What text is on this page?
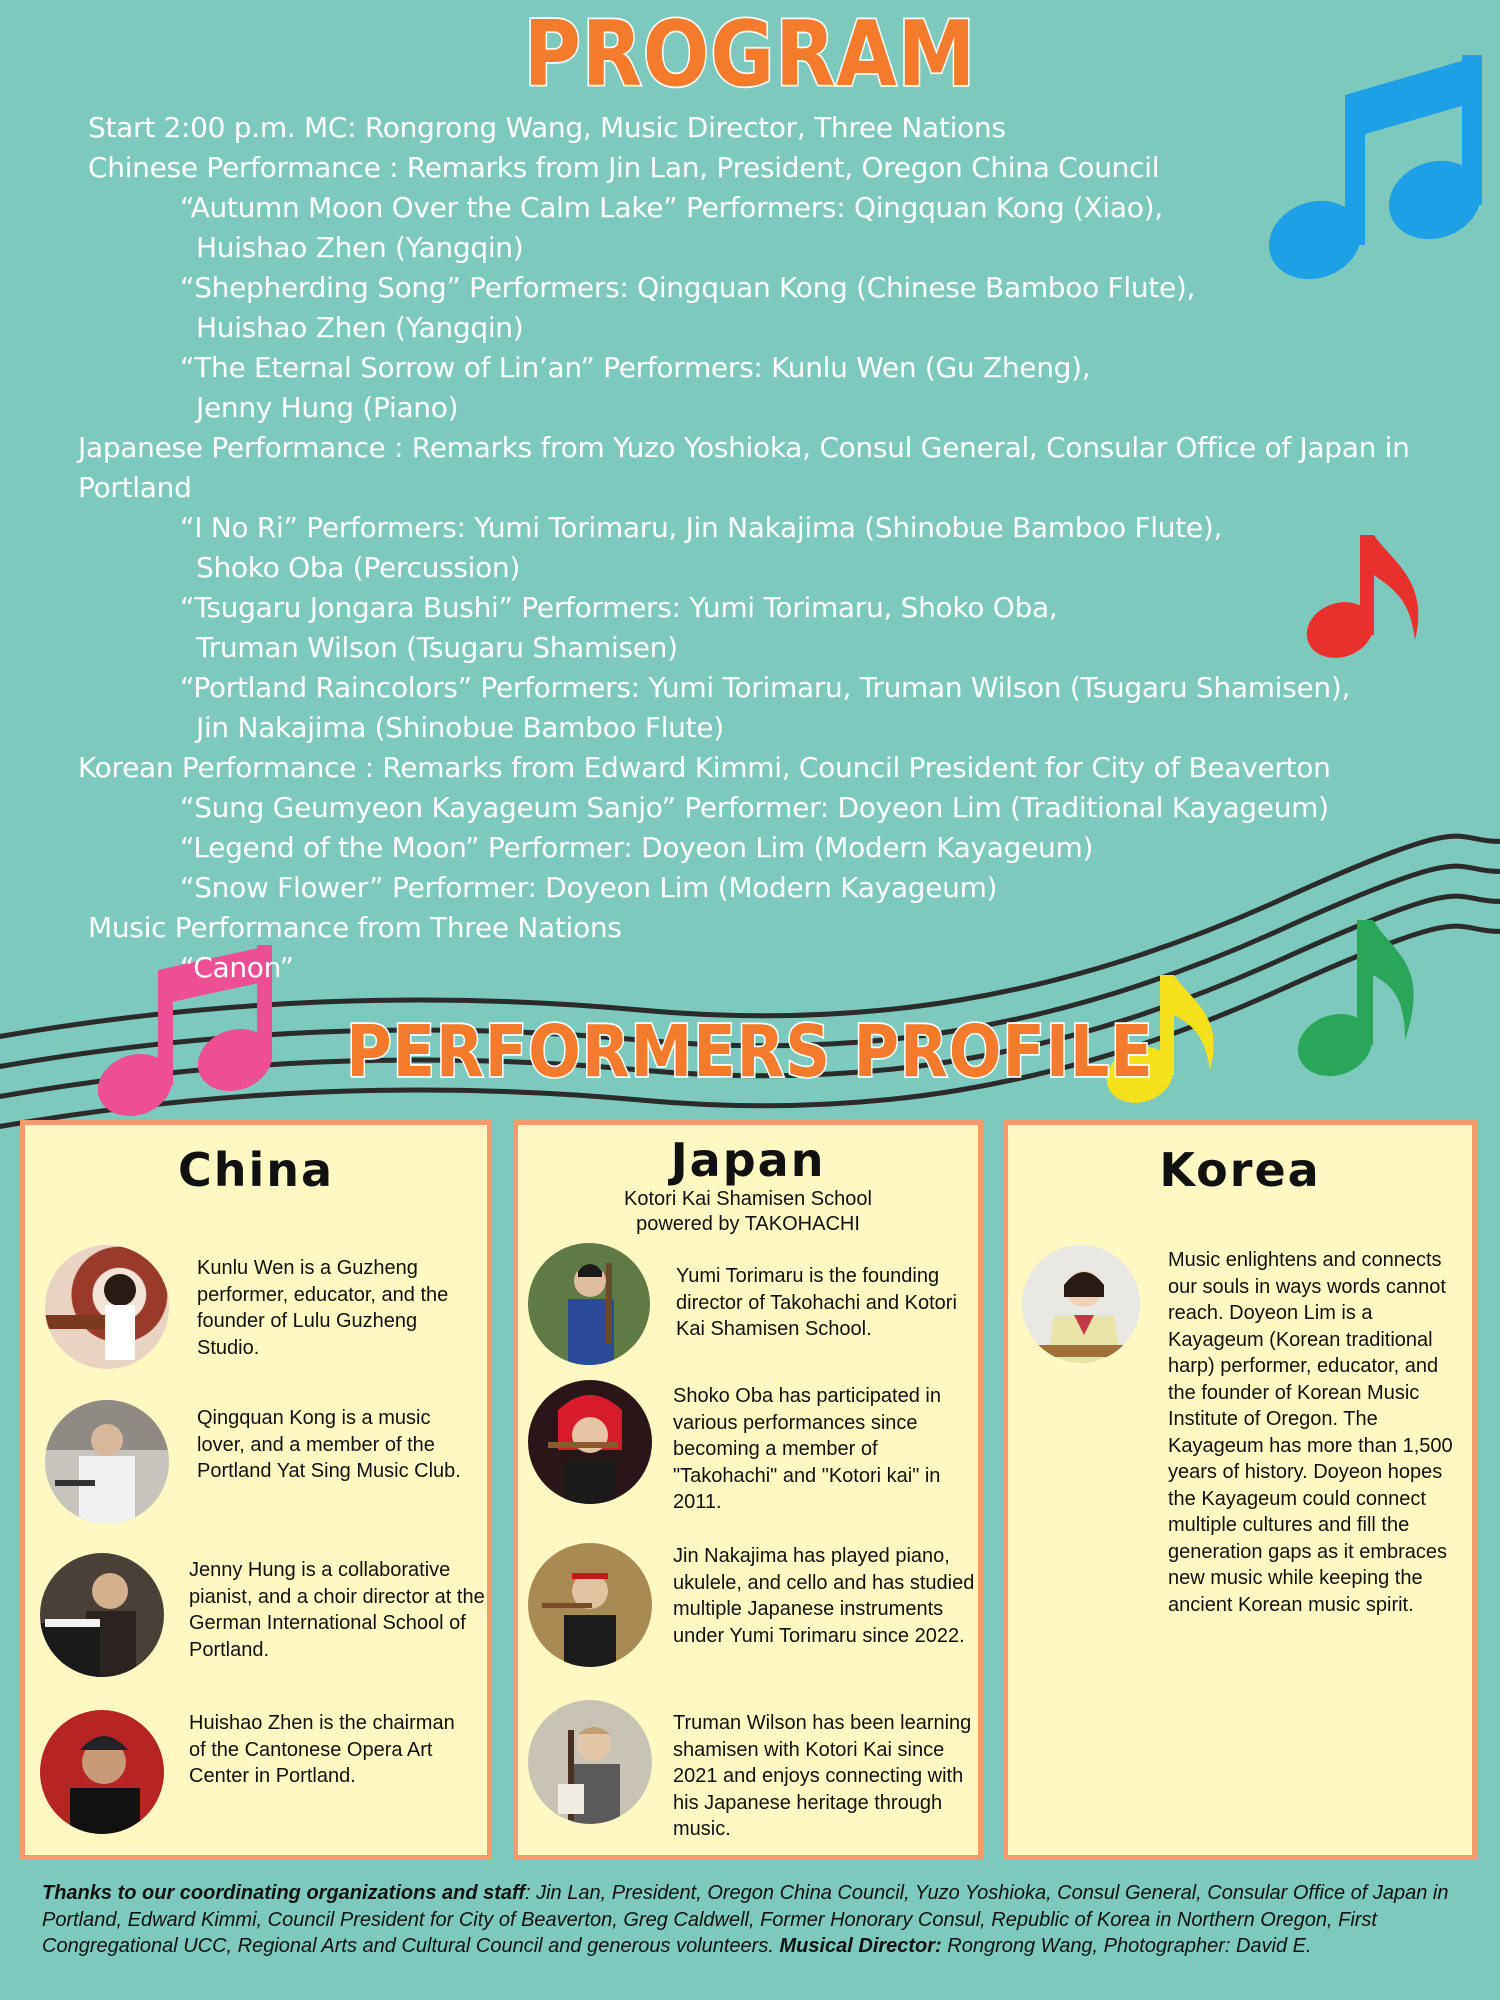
PROGRAM
Start 2:00 p.m. MC: Rongrong Wang, Music Director, Three Nations
Chinese Performance : Remarks from Jin Lan, President, Oregon China Council
“Autumn Moon Over the Calm Lake” Performers: Qingquan Kong (Xiao),
Huishao Zhen (Yangqin)
“Shepherding Song” Performers: Qingquan Kong (Chinese Bamboo Flute),
Huishao Zhen (Yangqin)
“The Eternal Sorrow of Lin’an” Performers: Kunlu Wen (Gu Zheng),
Jenny Hung (Piano)
Japanese Performance : Remarks from Yuzo Yoshioka, Consul General, Consular Office of Japan in
Portland
“I No Ri” Performers: Yumi Torimaru, Jin Nakajima (Shinobue Bamboo Flute),
Shoko Oba (Percussion)
“Tsugaru Jongara Bushi” Performers: Yumi Torimaru, Shoko Oba,
Truman Wilson (Tsugaru Shamisen)
“Portland Raincolors” Performers: Yumi Torimaru, Truman Wilson (Tsugaru Shamisen),
Jin Nakajima (Shinobue Bamboo Flute)
Korean Performance : Remarks from Edward Kimmi, Council President for City of Beaverton
“Sung Geumyeon Kayageum Sanjo” Performer: Doyeon Lim (Traditional Kayageum)
“Legend of the Moon” Performer: Doyeon Lim (Modern Kayageum)
“Snow Flower” Performer: Doyeon Lim (Modern Kayageum)
Music Performance from Three Nations
“Canon”
PERFORMERS PROFILE
China
Kunlu Wen is a Guzheng performer, educator, and the founder of Lulu Guzheng Studio.
Qingquan Kong is a music lover, and a member of the Portland Yat Sing Music Club.
Jenny Hung is a collaborative pianist, and a choir director at the German International School of Portland.
Huishao Zhen is the chairman of the Cantonese Opera Art Center in Portland.
Japan
Kotori Kai Shamisen School
powered by TAKOHACHI
Yumi Torimaru is the founding director of Takohachi and Kotori Kai Shamisen School.
Shoko Oba has participated in various performances since becoming a member of "Takohachi" and "Kotori kai" in 2011.
Jin Nakajima has played piano, ukulele, and cello and has studied multiple Japanese instruments under Yumi Torimaru since 2022.
Truman Wilson has been learning shamisen with Kotori Kai since 2021 and enjoys connecting with his Japanese heritage through music.
Korea
Music enlightens and connects our souls in ways words cannot reach. Doyeon Lim is a Kayageum (Korean traditional harp) performer, educator, and the founder of Korean Music Institute of Oregon. The Kayageum has more than 1,500 years of history. Doyeon hopes the Kayageum could connect multiple cultures and fill the generation gaps as it embraces new music while keeping the ancient Korean music spirit.
Thanks to our coordinating organizations and staff: Jin Lan, President, Oregon China Council, Yuzo Yoshioka, Consul General, Consular Office of Japan in Portland, Edward Kimmi, Council President for City of Beaverton, Greg Caldwell, Former Honorary Consul, Republic of Korea in Northern Oregon, First Congregational UCC, Regional Arts and Cultural Council and generous volunteers. Musical Director: Rongrong Wang, Photographer: David E.
